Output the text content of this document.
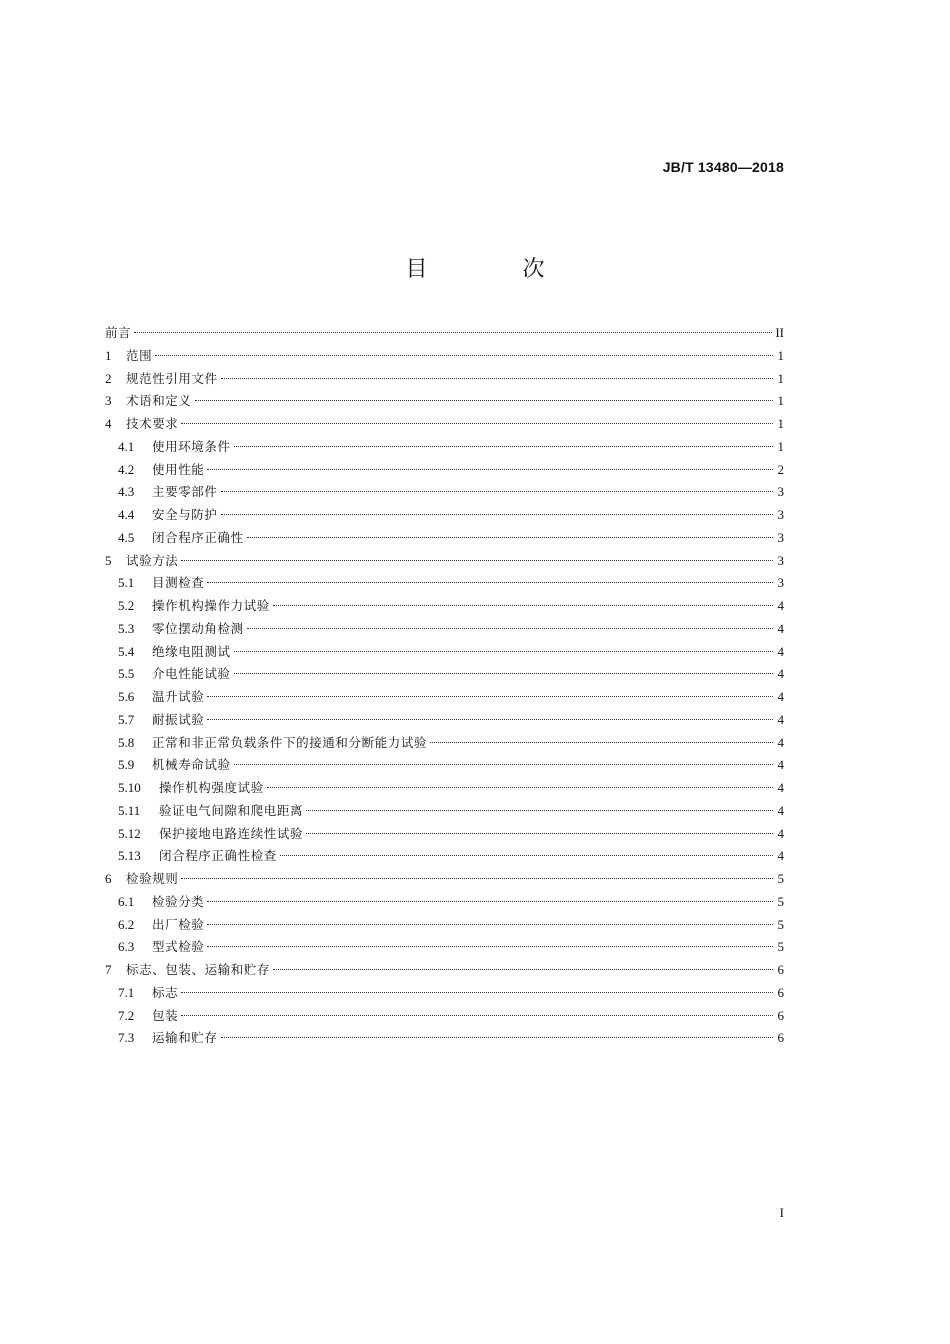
JB/T 13480—2018
目 次
前言	II
1	范围	1
2	规范性引用文件	1
3	术语和定义	1
4	技术要求	1
4.1	使用环境条件	1
4.2	使用性能	2
4.3	主要零部件	3
4.4	安全与防护	3
4.5	闭合程序正确性	3
5	试验方法	3
5.1	目测检查	3
5.2	操作机构操作力试验	4
5.3	零位摆动角检测	4
5.4	绝缘电阻测试	4
5.5	介电性能试验	4
5.6	温升试验	4
5.7	耐振试验	4
5.8	正常和非正常负载条件下的接通和分断能力试验	4
5.9	机械寿命试验	4
5.10	操作机构强度试验	4
5.11	验证电气间隙和爬电距离	4
5.12	保护接地电路连续性试验	4
5.13	闭合程序正确性检查	4
6	检验规则	5
6.1	检验分类	5
6.2	出厂检验	5
6.3	型式检验	5
7	标志、包装、运输和贮存	6
7.1	标志	6
7.2	包装	6
7.3	运输和贮存	6
I
